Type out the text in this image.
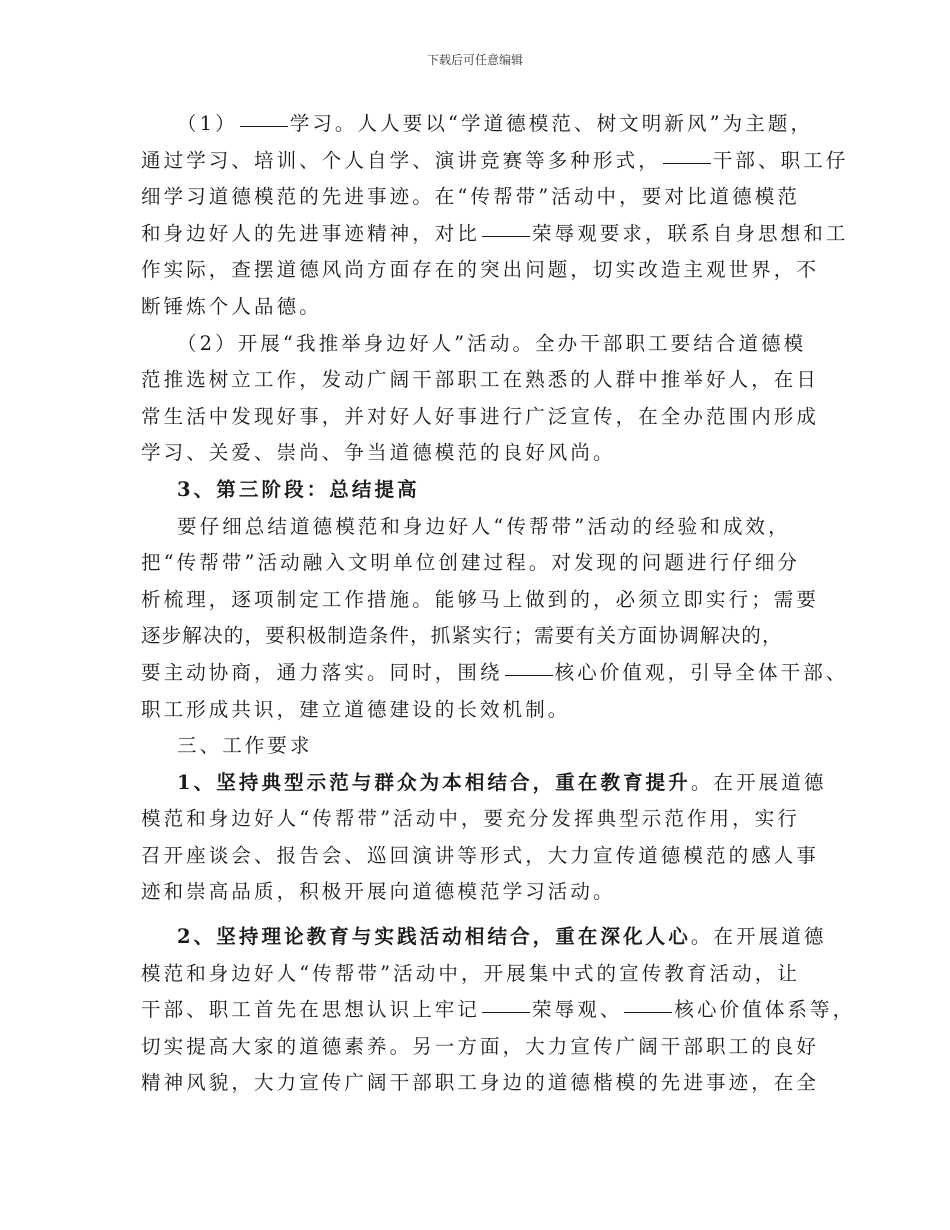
下载后可任意编辑
（1）	学习。人人要以“学道德模范、树文明新风”为主题，
通过学习、培训、个人自学、演讲竞赛等多种形式，	干部、职工仔
细学习道德模范的先进事迹。在“传帮带”活动中，要对比道德模范
和身边好人的先进事迹精神，对比	荣辱观要求，联系自身思想和工
作实际，查摆道德风尚方面存在的突出问题，切实改造主观世界，不
断锤炼个人品德。
（2）开展“我推举身边好人”活动。全办干部职工要结合道德模
范推选树立工作，发动广阔干部职工在熟悉的人群中推举好人，在日
常生活中发现好事，并对好人好事进行广泛宣传，在全办范围内形成
学习、关爱、崇尚、争当道德模范的良好风尚。
3、第三阶段：总结提高
要仔细总结道德模范和身边好人“传帮带”活动的经验和成效，
把“传帮带”活动融入文明单位创建过程。对发现的问题进行仔细分
析梳理，逐项制定工作措施。能够马上做到的，必须立即实行；需要
逐步解决的，要积极制造条件，抓紧实行；需要有关方面协调解决的，
要主动协商，通力落实。同时，围绕	核心价值观，引导全体干部、
职工形成共识，建立道德建设的长效机制。
三、工作要求
1、坚持典型示范与群众为本相结合，重在教育提升。在开展道德
模范和身边好人“传帮带”活动中，要充分发挥典型示范作用，实行
召开座谈会、报告会、巡回演讲等形式，大力宣传道德模范的感人事
迹和崇高品质，积极开展向道德模范学习活动。
2、坚持理论教育与实践活动相结合，重在深化人心。在开展道德
模范和身边好人“传帮带”活动中，开展集中式的宣传教育活动，让
干部、职工首先在思想认识上牢记	荣辱观、	核心价值体系等，
切实提高大家的道德素养。另一方面，大力宣传广阔干部职工的良好
精神风貌，大力宣传广阔干部职工身边的道德楷模的先进事迹，在全
